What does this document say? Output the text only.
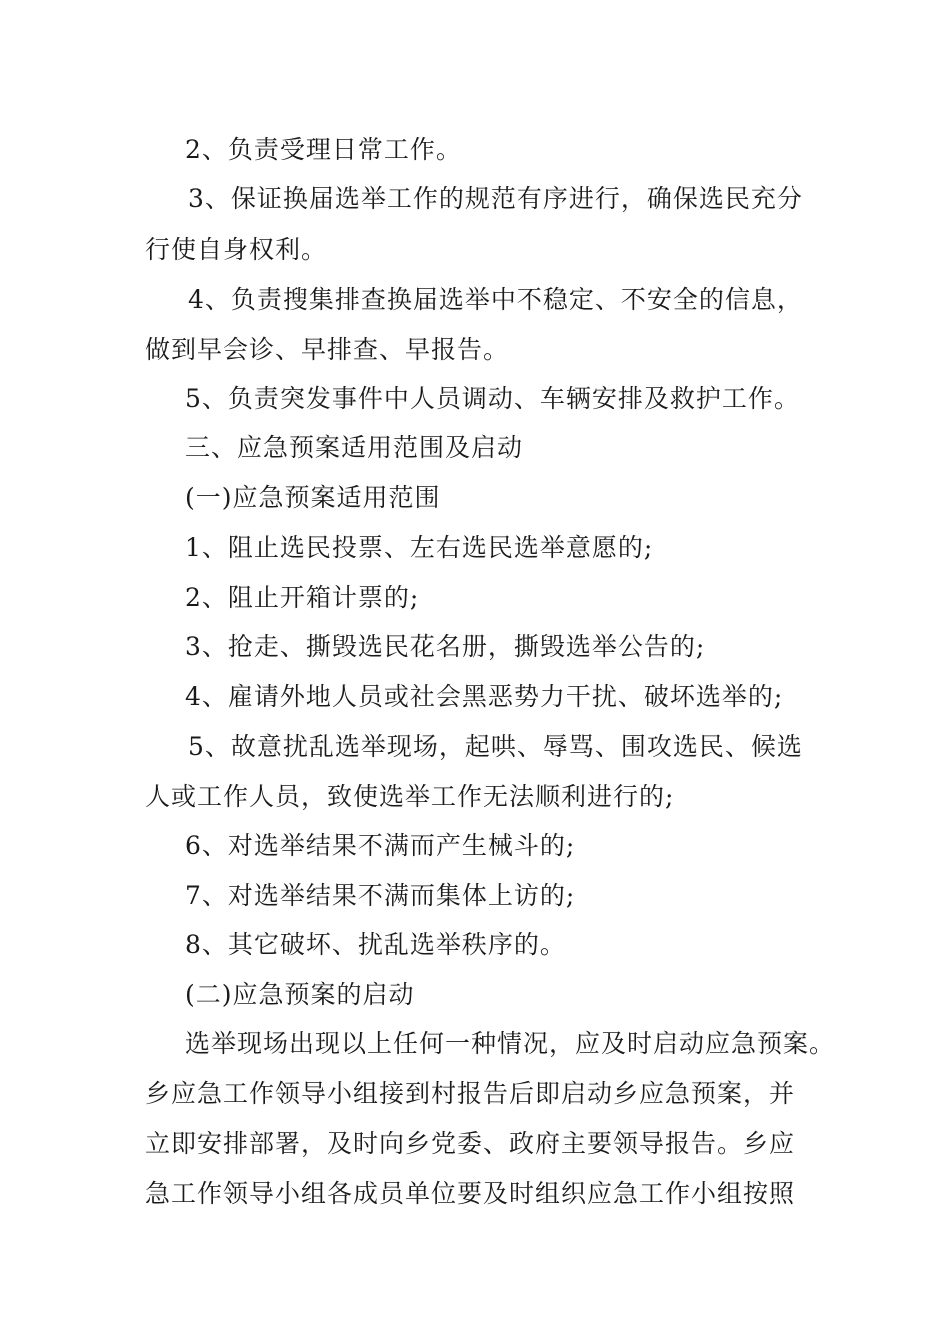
2、负责受理日常工作。
3、保证换届选举工作的规范有序进行，确保选民充分
行使自身权利。
4、负责搜集排查换届选举中不稳定、不安全的信息，
做到早会诊、早排查、早报告。
5、负责突发事件中人员调动、车辆安排及救护工作。
三、应急预案适用范围及启动
(一)应急预案适用范围
1、阻止选民投票、左右选民选举意愿的;
2、阻止开箱计票的;
3、抢走、撕毁选民花名册，撕毁选举公告的;
4、雇请外地人员或社会黑恶势力干扰、破坏选举的;
5、故意扰乱选举现场，起哄、辱骂、围攻选民、候选
人或工作人员，致使选举工作无法顺利进行的;
6、对选举结果不满而产生械斗的;
7、对选举结果不满而集体上访的;
8、其它破坏、扰乱选举秩序的。
(二)应急预案的启动
选举现场出现以上任何一种情况，应及时启动应急预案。
乡应急工作领导小组接到村报告后即启动乡应急预案，并
立即安排部署，及时向乡党委、政府主要领导报告。乡应
急工作领导小组各成员单位要及时组织应急工作小组按照
